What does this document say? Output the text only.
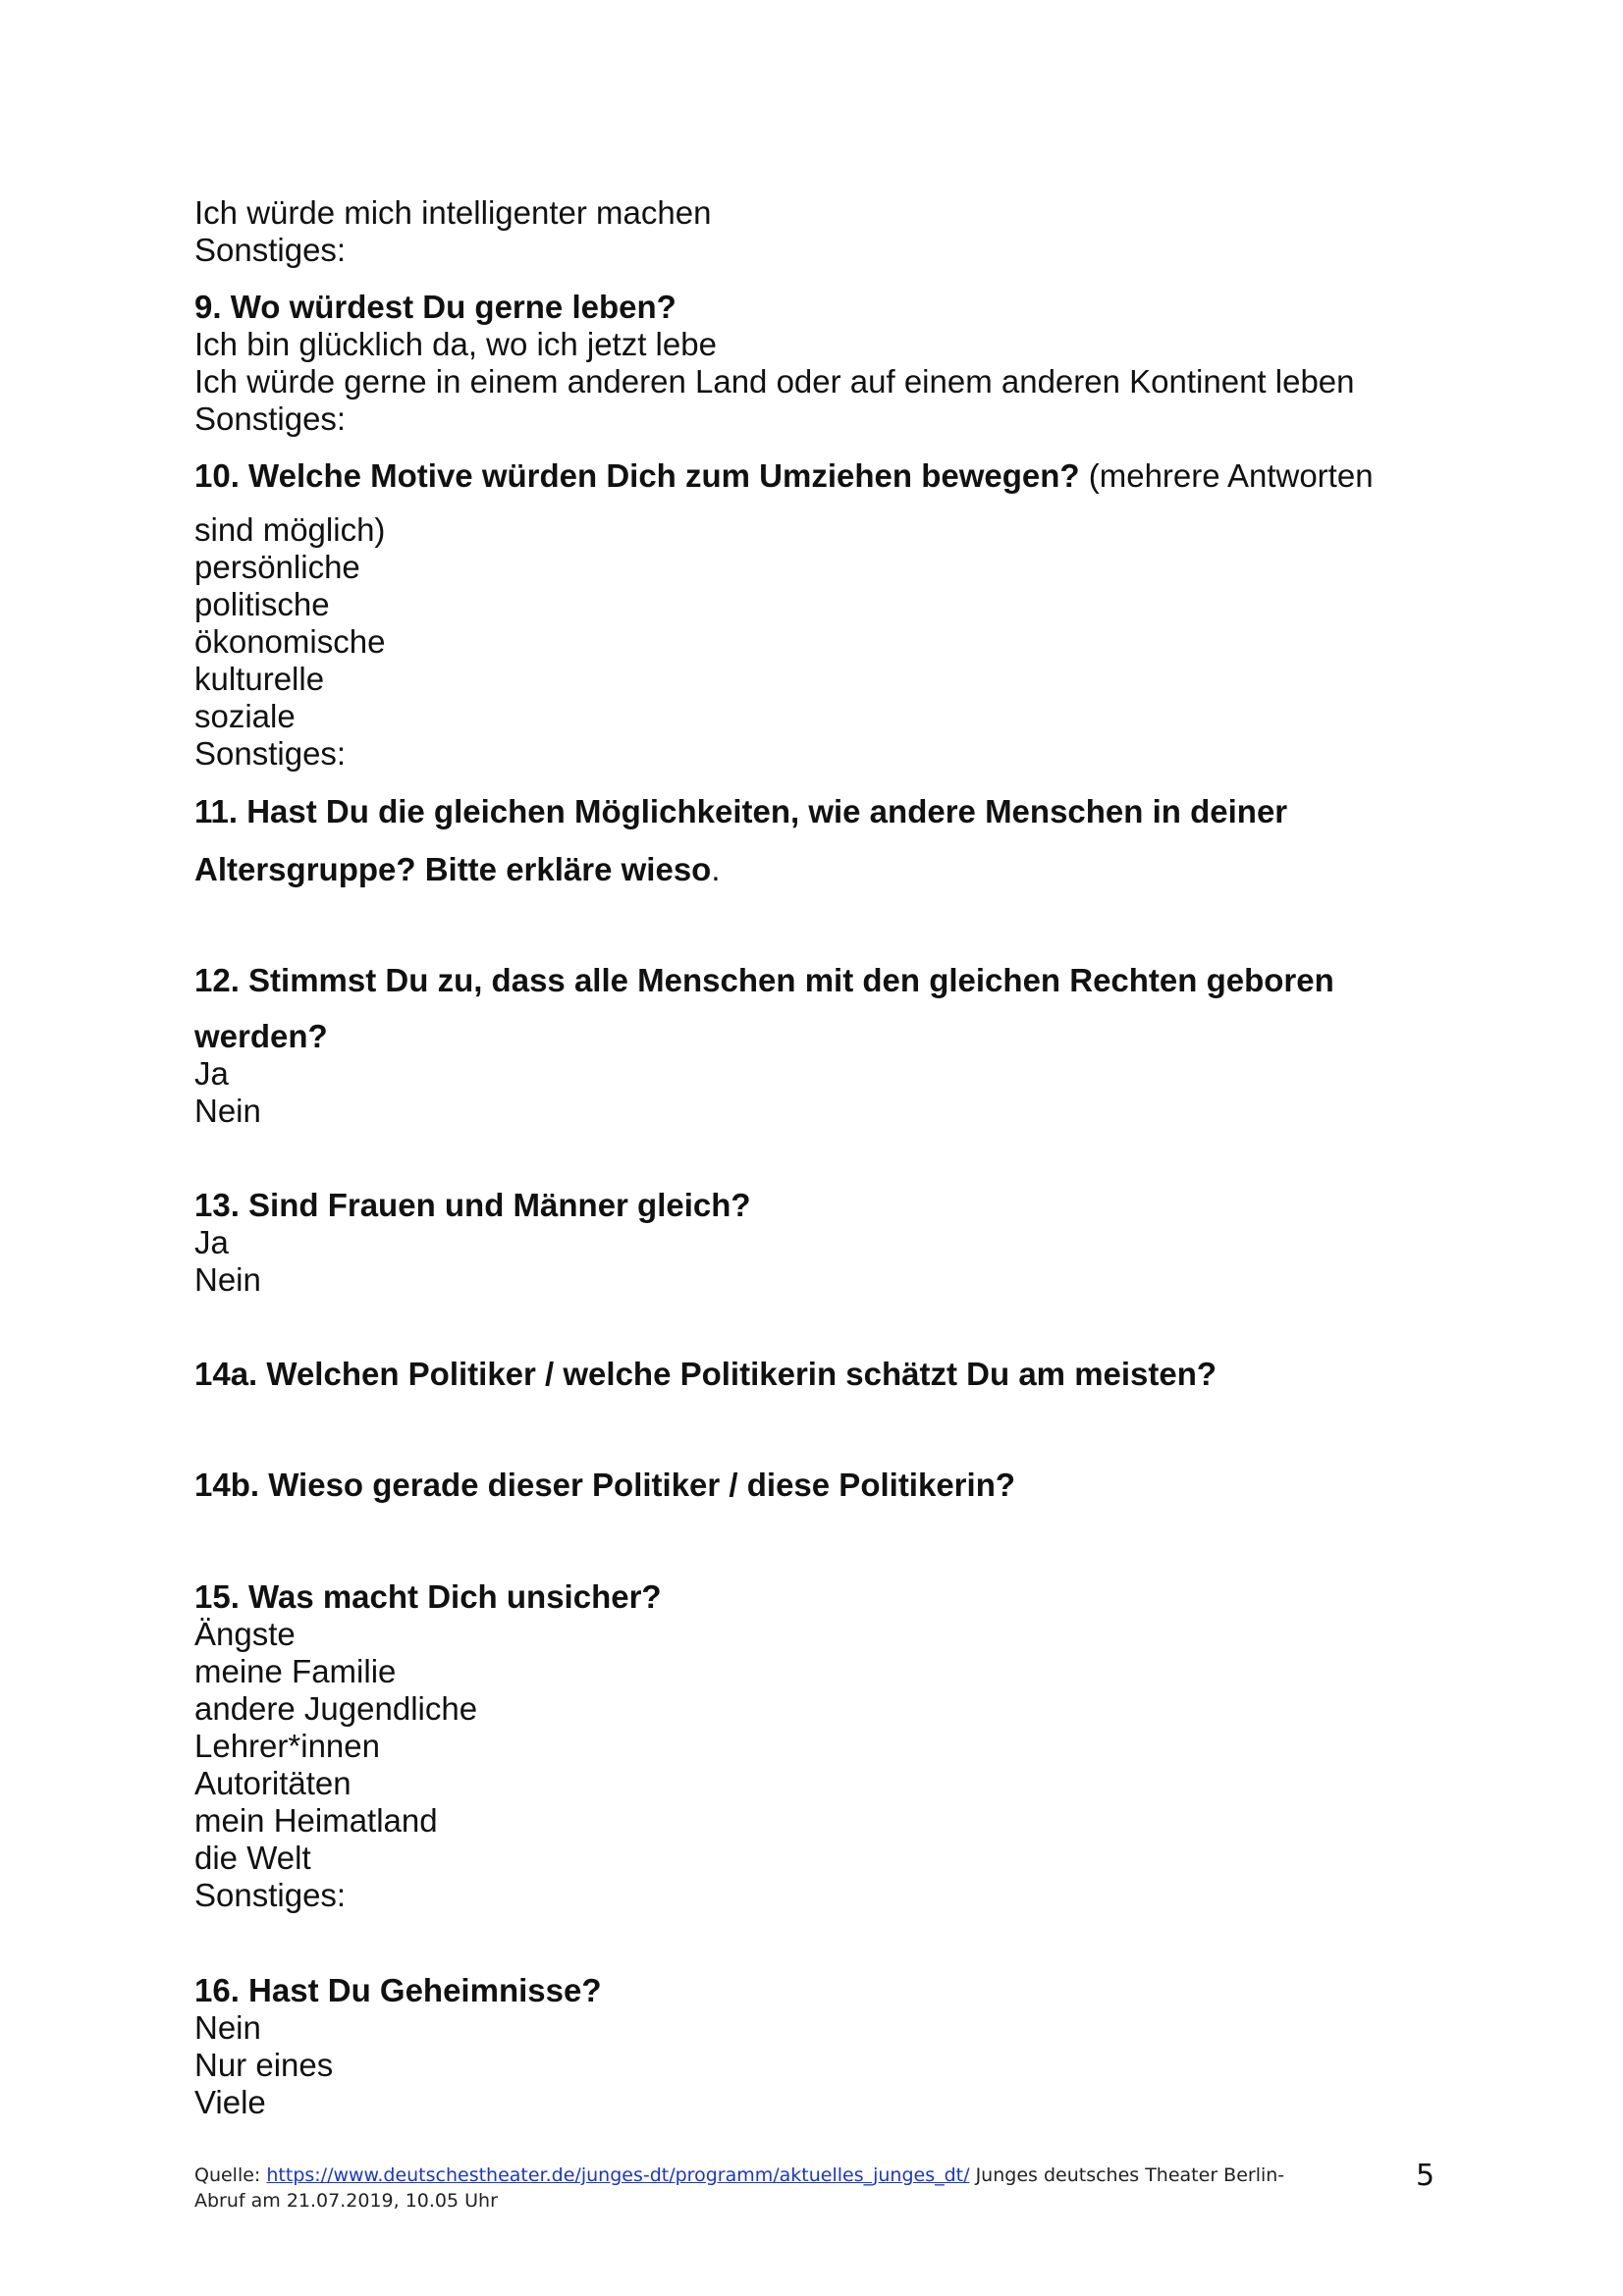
Ich würde mich intelligenter machen
Sonstiges:
9. Wo würdest Du gerne leben?
Ich bin glücklich da, wo ich jetzt lebe
Ich würde gerne in einem anderen Land oder auf einem anderen Kontinent leben
Sonstiges:
10. Welche Motive würden Dich zum Umziehen bewegen? (mehrere Antworten
sind möglich)
persönliche
politische
ökonomische
kulturelle
soziale
Sonstiges:
11. Hast Du die gleichen Möglichkeiten, wie andere Menschen in deiner
Altersgruppe? Bitte erkläre wieso.
12. Stimmst Du zu, dass alle Menschen mit den gleichen Rechten geboren
werden?
Ja
Nein
13. Sind Frauen und Männer gleich?
Ja
Nein
14a. Welchen Politiker / welche Politikerin schätzt Du am meisten?
14b. Wieso gerade dieser Politiker / diese Politikerin?
15. Was macht Dich unsicher?
Ängste
meine Familie
andere Jugendliche
Lehrer*innen
Autoritäten
mein Heimatland
die Welt
Sonstiges:
16. Hast Du Geheimnisse?
Nein
Nur eines
Viele
Quelle: https://www.deutschestheater.de/junges-dt/programm/aktuelles_junges_dt/ Junges deutsches Theater Berlin-
Abruf am 21.07.2019, 10.05 Uhr
5
